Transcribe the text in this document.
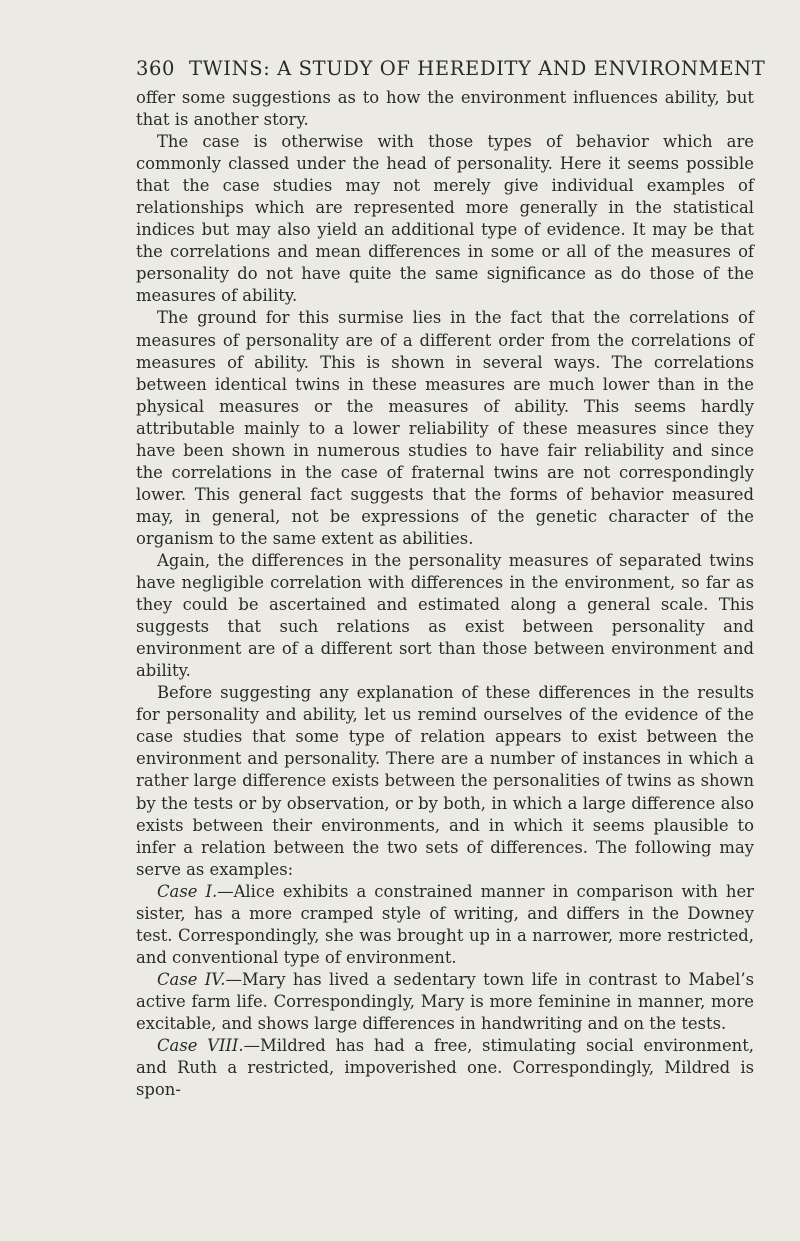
360 TWINS: A STUDY OF HEREDITY AND ENVIRONMENT

offer some suggestions as to how the environment influences ability, but that is another story.

The case is otherwise with those types of behavior which are commonly classed under the head of personality. Here it seems possible that the case studies may not merely give individual examples of relationships which are represented more generally in the statistical indices but may also yield an additional type of evidence. It may be that the correlations and mean differences in some or all of the measures of personality do not have quite the same significance as do those of the measures of ability.

The ground for this surmise lies in the fact that the correlations of measures of personality are of a different order from the correlations of measures of ability. This is shown in several ways. The correlations between identical twins in these measures are much lower than in the physical measures or the measures of ability. This seems hardly attributable mainly to a lower reliability of these measures since they have been shown in numerous studies to have fair reliability and since the correlations in the case of fraternal twins are not correspondingly lower. This general fact suggests that the forms of behavior measured may, in general, not be expressions of the genetic character of the organism to the same extent as abilities.

Again, the differences in the personality measures of separated twins have negligible correlation with differences in the environment, so far as they could be ascertained and estimated along a general scale. This suggests that such relations as exist between personality and environment are of a different sort than those between environment and ability.

Before suggesting any explanation of these differences in the results for personality and ability, let us remind ourselves of the evidence of the case studies that some type of relation appears to exist between the environment and personality. There are a number of instances in which a rather large difference exists between the personalities of twins as shown by the tests or by observation, or by both, in which a large difference also exists between their environments, and in which it seems plausible to infer a relation between the two sets of differences. The following may serve as examples:

Case I.—Alice exhibits a constrained manner in comparison with her sister, has a more cramped style of writing, and differs in the Downey test. Correspondingly, she was brought up in a narrower, more restricted, and conventional type of environment.

Case IV.—Mary has lived a sedentary town life in contrast to Mabel’s active farm life. Correspondingly, Mary is more feminine in manner, more excitable, and shows large differences in handwriting and on the tests.

Case VIII.—Mildred has had a free, stimulating social environment, and Ruth a restricted, impoverished one. Correspondingly, Mildred is spon-
